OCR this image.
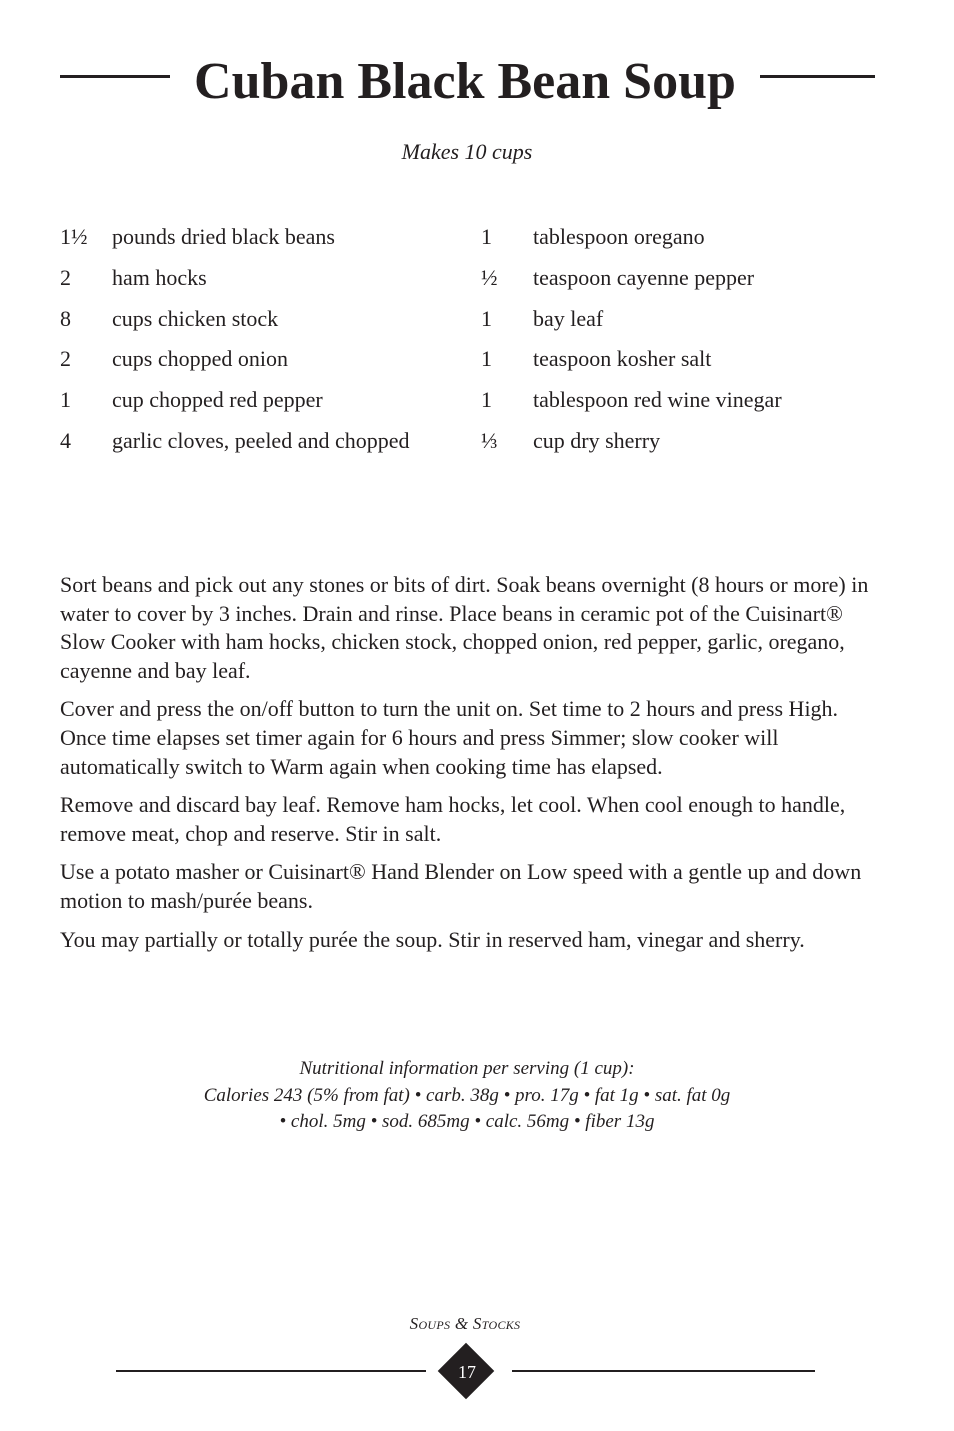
Cuban Black Bean Soup
Makes 10 cups
1½ pounds dried black beans
2 ham hocks
8 cups chicken stock
2 cups chopped onion
1 cup chopped red pepper
4 garlic cloves, peeled and chopped
1 tablespoon oregano
½ teaspoon cayenne pepper
1 bay leaf
1 teaspoon kosher salt
1 tablespoon red wine vinegar
⅓ cup dry sherry

Sort beans and pick out any stones or bits of dirt. Soak beans overnight (8 hours or more) in water to cover by 3 inches. Drain and rinse. Place beans in ceramic pot of the Cuisinart® Slow Cooker with ham hocks, chicken stock, chopped onion, red pepper, garlic, oregano, cayenne and bay leaf.

Cover and press the on/off button to turn the unit on. Set time to 2 hours and press High. Once time elapses set timer again for 6 hours and press Simmer; slow cooker will automatically switch to Warm again when cooking time has elapsed.

Remove and discard bay leaf. Remove ham hocks, let cool. When cool enough to handle, remove meat, chop and reserve. Stir in salt.

Use a potato masher or Cuisinart® Hand Blender on Low speed with a gentle up and down motion to mash/purée beans.

You may partially or totally purée the soup. Stir in reserved ham, vinegar and sherry.

Nutritional information per serving (1 cup):
Calories 243 (5% from fat) • carb. 38g • pro. 17g • fat 1g • sat. fat 0g
• chol. 5mg • sod. 685mg • calc. 56mg • fiber 13g
Soups & Stocks
17
